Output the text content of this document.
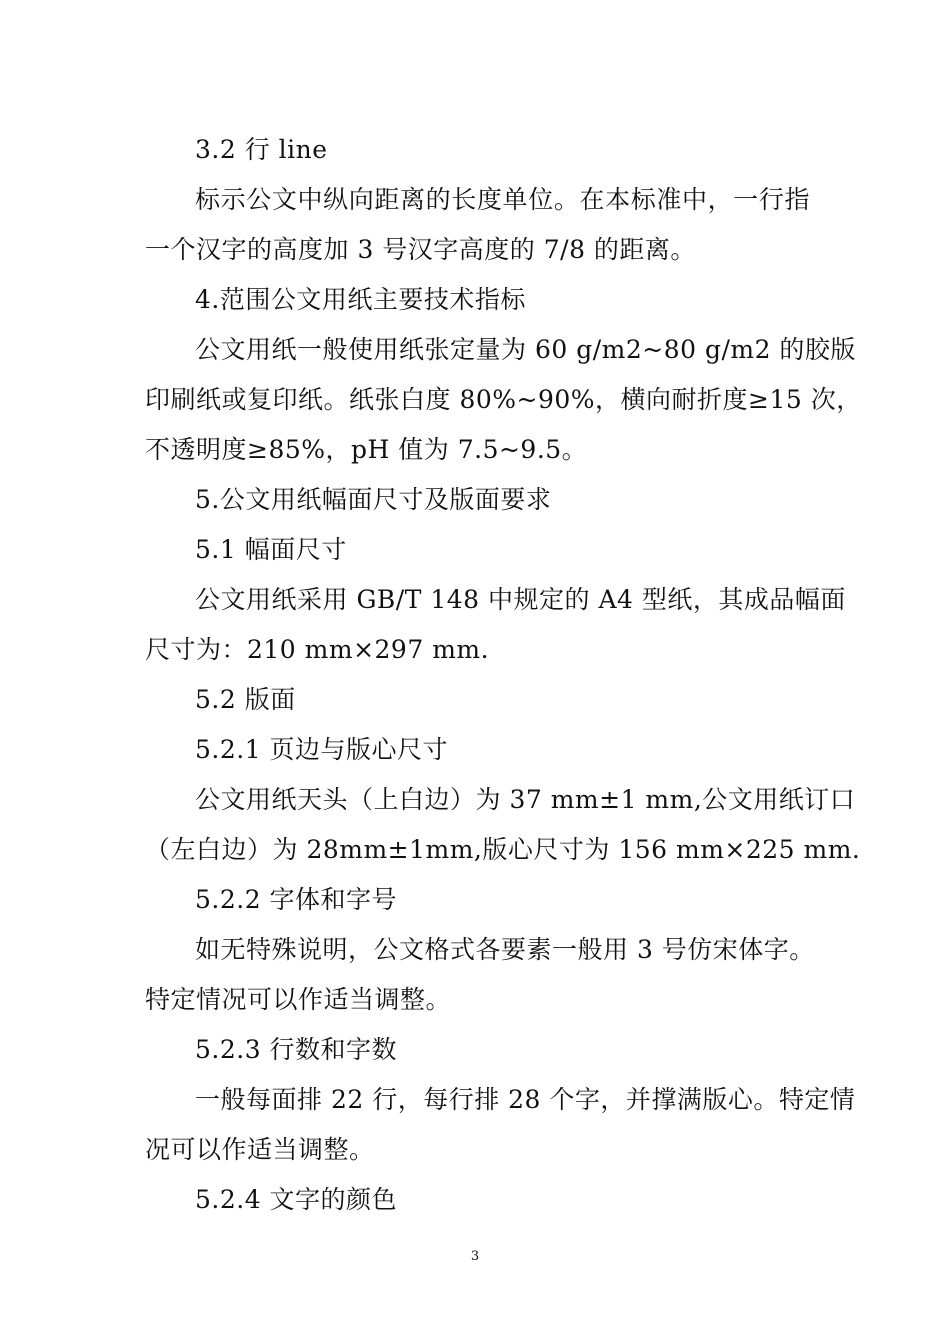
3.2 行 line
标示公文中纵向距离的长度单位。在本标准中，一行指
一个汉字的高度加 3 号汉字高度的 7/8 的距离。
4.范围公文用纸主要技术指标
公文用纸一般使用纸张定量为 60 g/m2~80 g/m2 的胶版
印刷纸或复印纸。纸张白度 80%~90%，横向耐折度≥15 次，
不透明度≥85%，pH 值为 7.5~9.5。
5.公文用纸幅面尺寸及版面要求
5.1 幅面尺寸
公文用纸采用 GB/T 148 中规定的 A4 型纸，其成品幅面
尺寸为：210 mm×297 mm.
5.2 版面
5.2.1 页边与版心尺寸
公文用纸天头（上白边）为 37 mm±1 mm,公文用纸订口
（左白边）为 28mm±1mm,版心尺寸为 156 mm×225 mm.
5.2.2 字体和字号
如无特殊说明，公文格式各要素一般用 3 号仿宋体字。
特定情况可以作适当调整。
5.2.3 行数和字数
一般每面排 22 行，每行排 28 个字，并撑满版心。特定情
况可以作适当调整。
5.2.4 文字的颜色
3
